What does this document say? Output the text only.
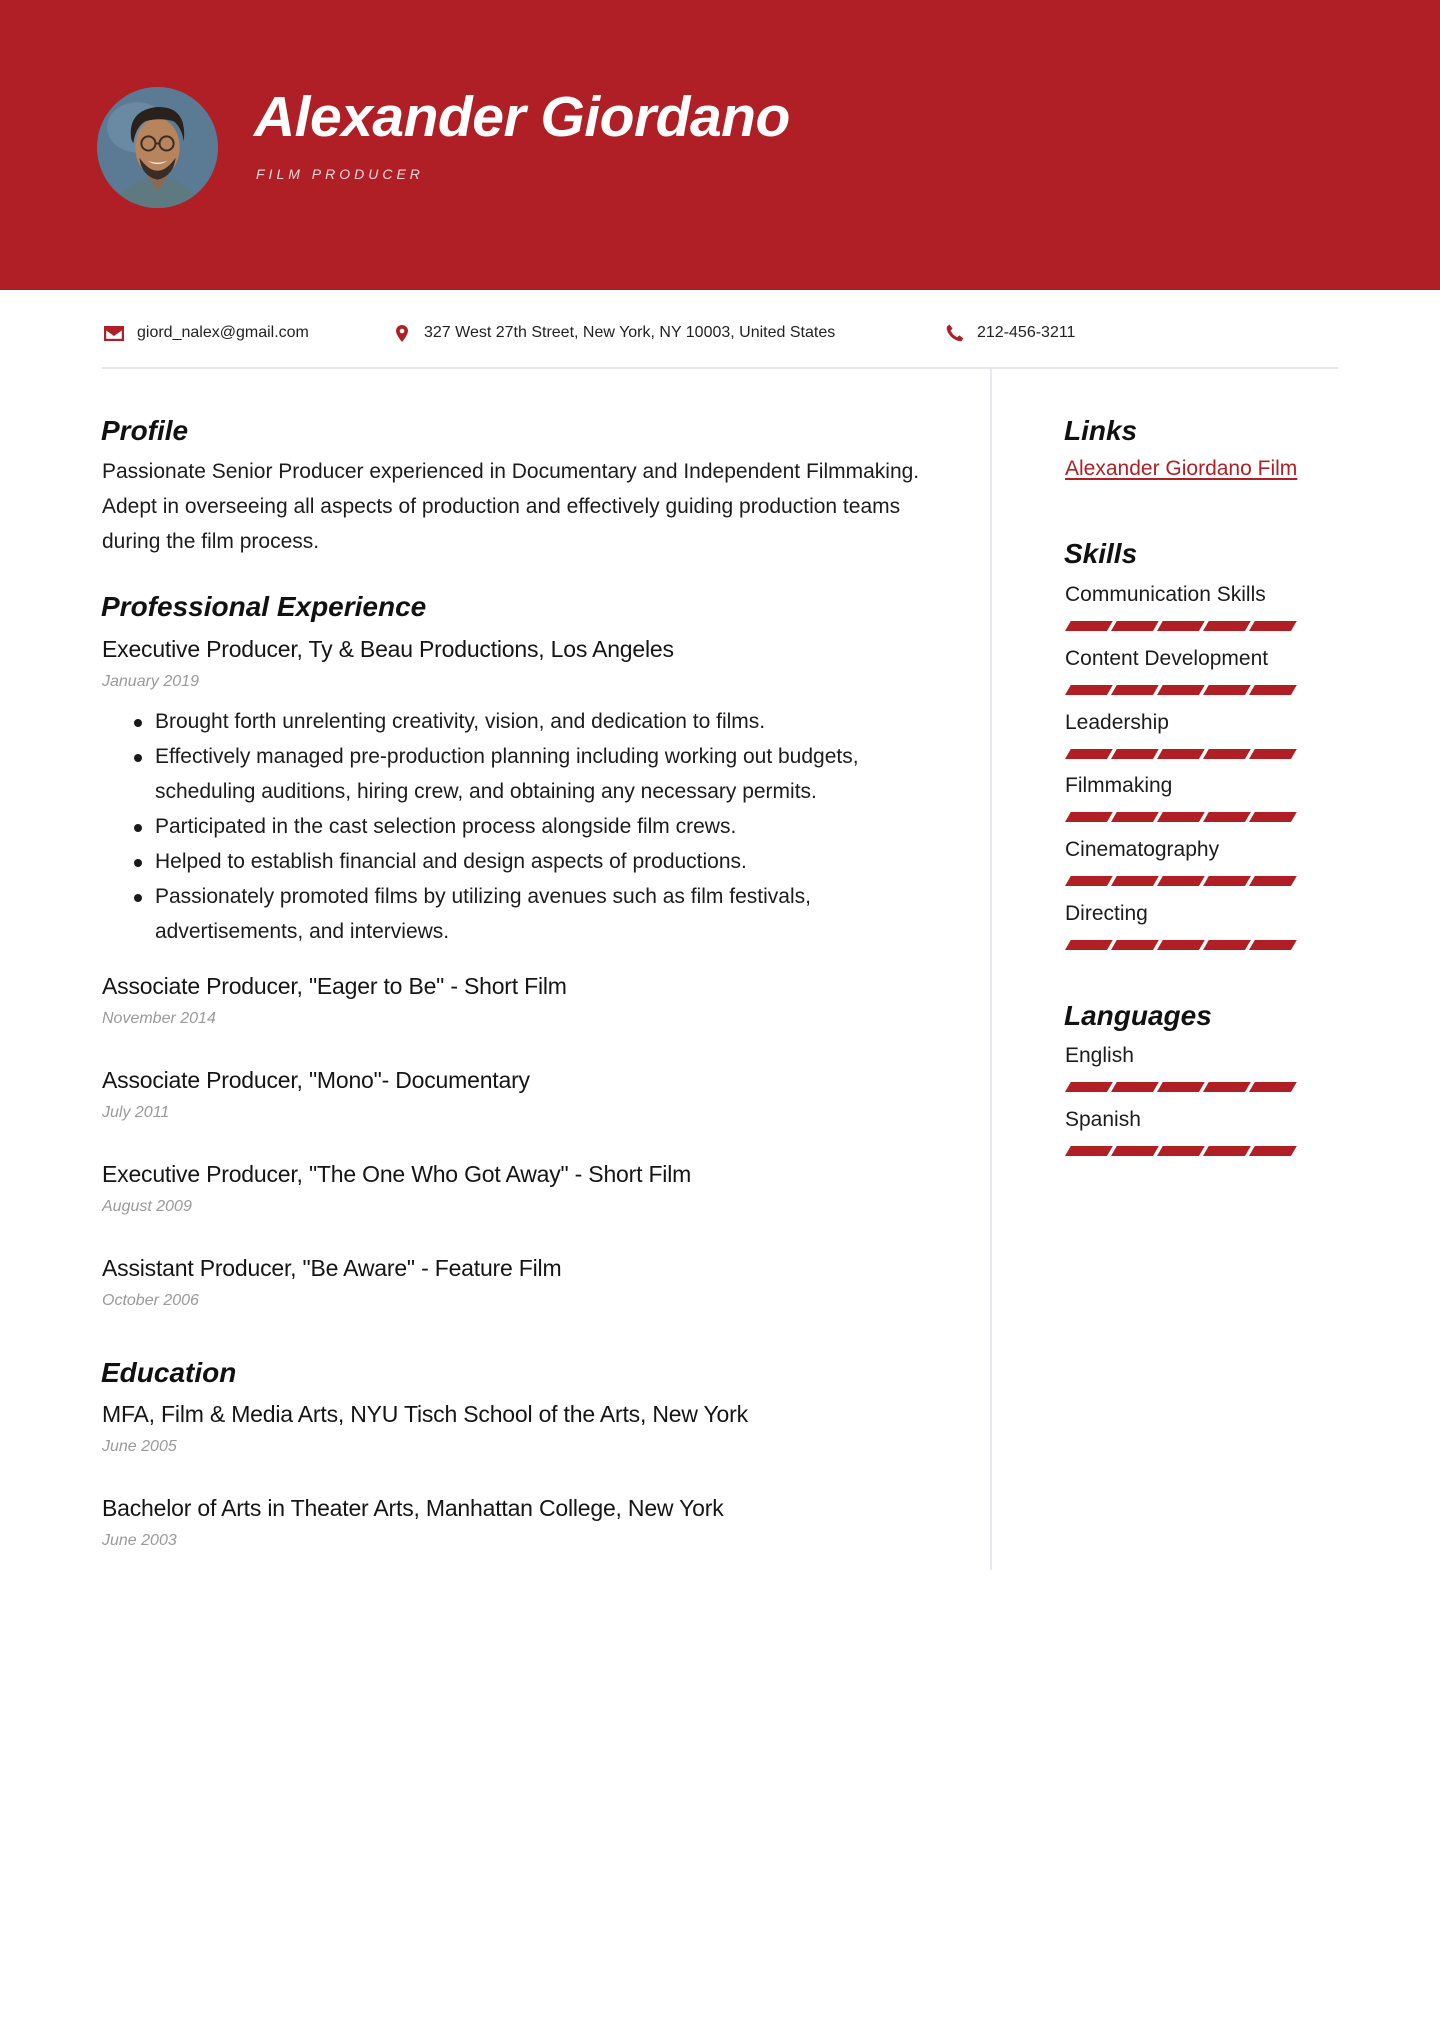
Alexander Giordano
FILM PRODUCER
giord_nalex@gmail.com	327 West 27th Street, New York, NY 10003, United States	212-456-3211
Profile

Passionate Senior Producer experienced in Documentary and Independent Filmmaking. Adept in overseeing all aspects of production and effectively guiding production teams during the film process.

Professional Experience
Executive Producer, Ty & Beau Productions, Los Angeles
January 2019
Brought forth unrelenting creativity, vision, and dedication to films.
Effectively managed pre-production planning including working out budgets, scheduling auditions, hiring crew, and obtaining any necessary permits.
Participated in the cast selection process alongside film crews.
Helped to establish financial and design aspects of productions.
Passionately promoted films by utilizing avenues such as film festivals, advertisements, and interviews.
Associate Producer, "Eager to Be" - Short Film
November 2014
Associate Producer, "Mono"- Documentary
July 2011
Executive Producer, "The One Who Got Away" - Short Film
August 2009
Assistant Producer, "Be Aware" - Feature Film
October 2006
Education
MFA, Film & Media Arts, NYU Tisch School of the Arts, New York
June 2005
Bachelor of Arts in Theater Arts, Manhattan College, New York
June 2003
Links
Alexander Giordano Film
Skills
Communication Skills
Content Development
Leadership
Filmmaking
Cinematography
Directing
Languages
English
Spanish
